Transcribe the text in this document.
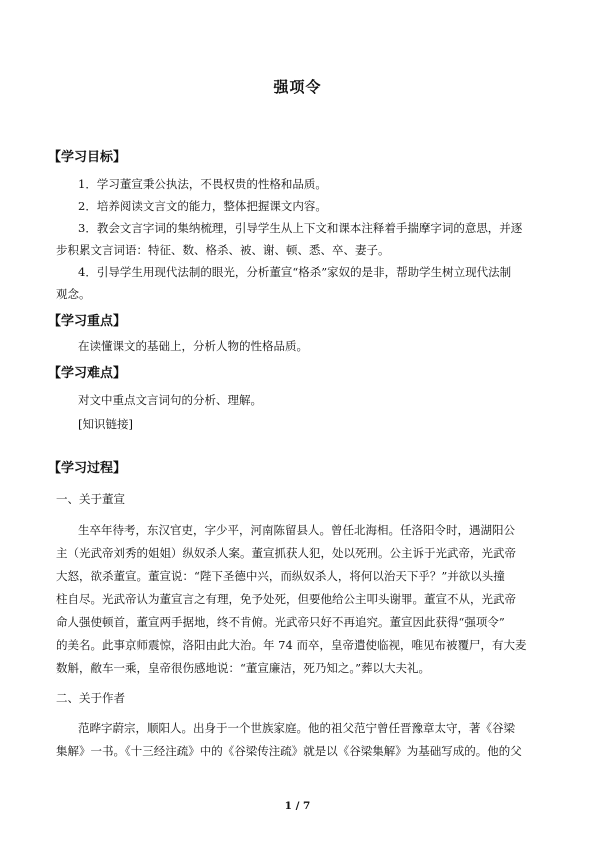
强项令
【学习目标】
1．学习董宣秉公执法，不畏权贵的性格和品质。
2．培养阅读文言文的能力，整体把握课文内容。
3．教会文言字词的集纳梳理，引导学生从上下文和课本注释着手揣摩字词的意思，并逐
步积累文言词语：特征、数、格杀、被、谢、顿、悉、卒、妻子。
4．引导学生用现代法制的眼光，分析董宣“格杀”家奴的是非，帮助学生树立现代法制
观念。
【学习重点】
在读懂课文的基础上，分析人物的性格品质。
【学习难点】
对文中重点文言词句的分析、理解。
[知识链接]
【学习过程】
一、关于董宣
生卒年待考，东汉官吏，字少平，河南陈留县人。曾任北海相。任洛阳令时，遇湖阳公
主（光武帝刘秀的姐姐）纵奴杀人案。董宣抓获人犯，处以死刑。公主诉于光武帝，光武帝
大怒，欲杀董宣。董宣说：“陛下圣德中兴，而纵奴杀人，将何以治天下乎？”并欲以头撞
柱自尽。光武帝认为董宣言之有理，免予处死，但要他给公主叩头谢罪。董宣不从，光武帝
命人强使顿首，董宣两手据地，终不肯俯。光武帝只好不再追究。董宣因此获得“强项令”
的美名。此事京师震惊，洛阳由此大治。年 74 而卒，皇帝遣使临视，唯见布被覆尸，有大麦
数斛，敝车一乘，皇帝很伤感地说：“董宣廉洁，死乃知之。”葬以大夫礼。
二、关于作者
范晔字蔚宗，顺阳人。出身于一个世族家庭。他的祖父范宁曾任晋豫章太守，著《谷梁
集解》一书。《十三经注疏》中的《谷梁传注疏》就是以《谷梁集解》为基础写成的。他的父
1 / 7
